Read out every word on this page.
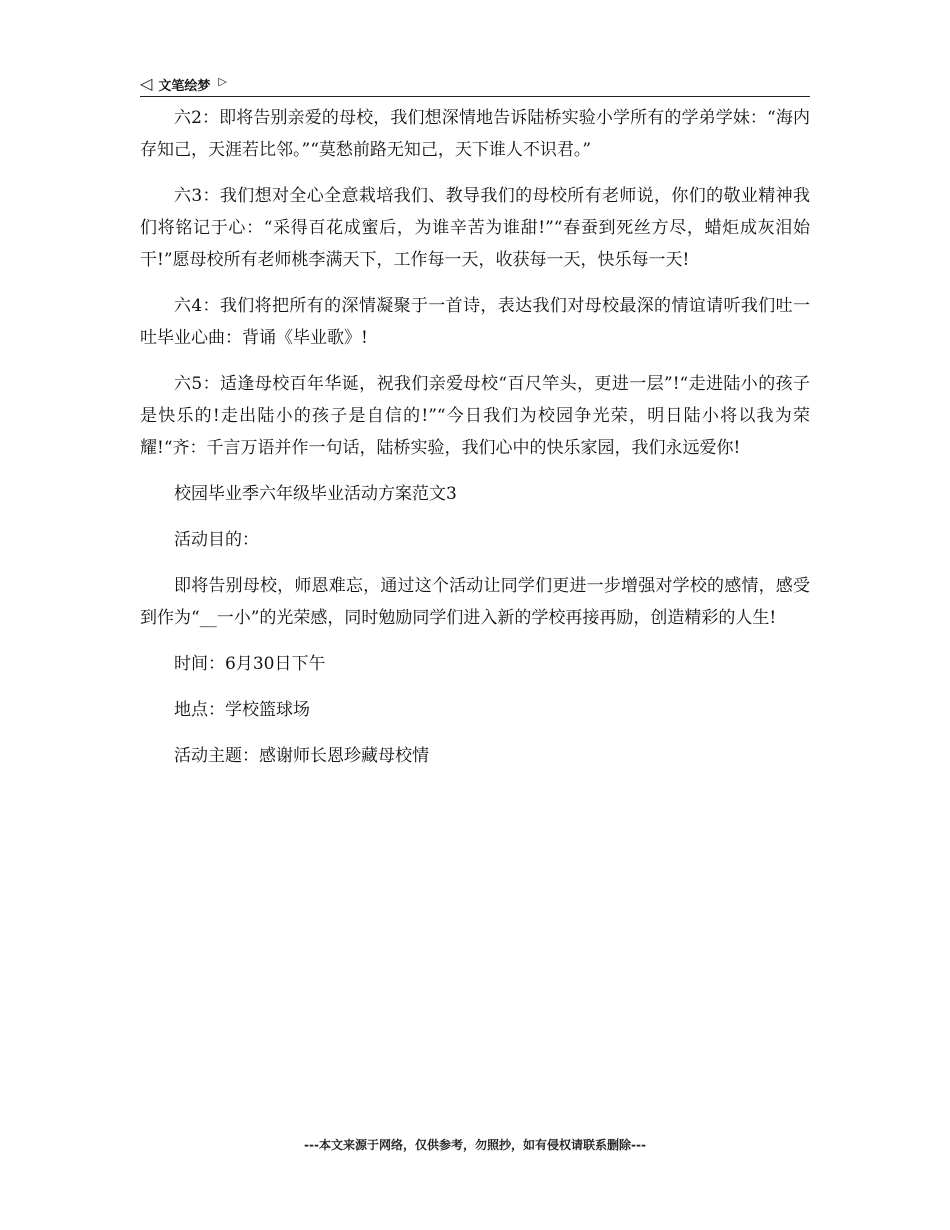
◁ 文笔绘梦 ▷

六2：即将告别亲爱的母校，我们想深情地告诉陆桥实验小学所有的学弟学妹：“海内存知己，天涯若比邻。”“莫愁前路无知己，天下谁人不识君。”

六3：我们想对全心全意栽培我们、教导我们的母校所有老师说，你们的敬业精神我们将铭记于心：“采得百花成蜜后，为谁辛苦为谁甜!”“春蚕到死丝方尽，蜡炬成灰泪始干!”愿母校所有老师桃李满天下，工作每一天，收获每一天，快乐每一天!

六4：我们将把所有的深情凝聚于一首诗，表达我们对母校最深的情谊请听我们吐一吐毕业心曲：背诵《毕业歌》!

六5：适逢母校百年华诞，祝我们亲爱母校“百尺竿头，更进一层”!“走进陆小的孩子是快乐的!走出陆小的孩子是自信的!”“今日我们为校园争光荣，明日陆小将以我为荣耀!“齐：千言万语并作一句话，陆桥实验，我们心中的快乐家园，我们永远爱你!

校园毕业季六年级毕业活动方案范文3

活动目的：

即将告别母校，师恩难忘，通过这个活动让同学们更进一步增强对学校的感情，感受到作为“__一小”的光荣感，同时勉励同学们进入新的学校再接再励，创造精彩的人生!

时间：6月30日下午

地点：学校篮球场

活动主题：感谢师长恩珍藏母校情

---本文来源于网络，仅供参考，勿照抄，如有侵权请联系删除---
